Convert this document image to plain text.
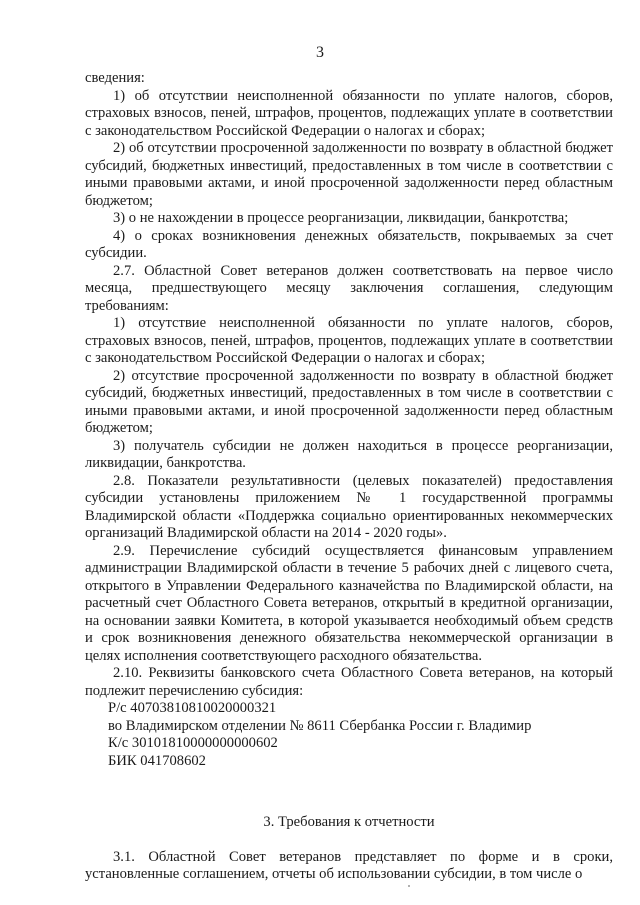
3

сведения:

1) об отсутствии неисполненной обязанности по уплате налогов, сборов, страховых взносов, пеней, штрафов, процентов, подлежащих уплате в соответствии с законодательством Российской Федерации о налогах и сборах;

2) об отсутствии просроченной задолженности по возврату в областной бюджет субсидий, бюджетных инвестиций, предоставленных в том числе в соответствии с иными правовыми актами, и иной просроченной задолженности перед областным бюджетом;

3) о не нахождении в процессе реорганизации, ликвидации, банкротства;

4) о сроках возникновения денежных обязательств, покрываемых за счет субсидии.

2.7. Областной Совет ветеранов должен соответствовать на первое число месяца, предшествующего месяцу заключения соглашения, следующим требованиям:

1) отсутствие неисполненной обязанности по уплате налогов, сборов, страховых взносов, пеней, штрафов, процентов, подлежащих уплате в соответствии с законодательством Российской Федерации о налогах и сборах;

2) отсутствие просроченной задолженности по возврату в областной бюджет субсидий, бюджетных инвестиций, предоставленных в том числе в соответствии с иными правовыми актами, и иной просроченной задолженности перед областным бюджетом;

3) получатель субсидии не должен находиться в процессе реорганизации, ликвидации, банкротства.

2.8. Показатели результативности (целевых показателей) предоставления субсидии установлены приложением № 1 государственной программы Владимирской области «Поддержка социально ориентированных некоммерческих организаций Владимирской области на 2014 - 2020 годы».

2.9. Перечисление субсидий осуществляется финансовым управлением администрации Владимирской области в течение 5 рабочих дней с лицевого счета, открытого в Управлении Федерального казначейства по Владимирской области, на расчетный счет Областного Совета ветеранов, открытый в кредитной организации, на основании заявки Комитета, в которой указывается необходимый объем средств и срок возникновения денежного обязательства некоммерческой организации в целях исполнения соответствующего расходного обязательства.

2.10. Реквизиты банковского счета Областного Совета ветеранов, на который подлежит перечислению субсидия:

Р/с 40703810810020000321

во Владимирском отделении № 8611 Сбербанка России г. Владимир

К/с 30101810000000000602

БИК 041708602

3. Требования к отчетности

3.1. Областной Совет ветеранов представляет по форме и в сроки, установленные соглашением, отчеты об использовании субсидии, в том числе о
